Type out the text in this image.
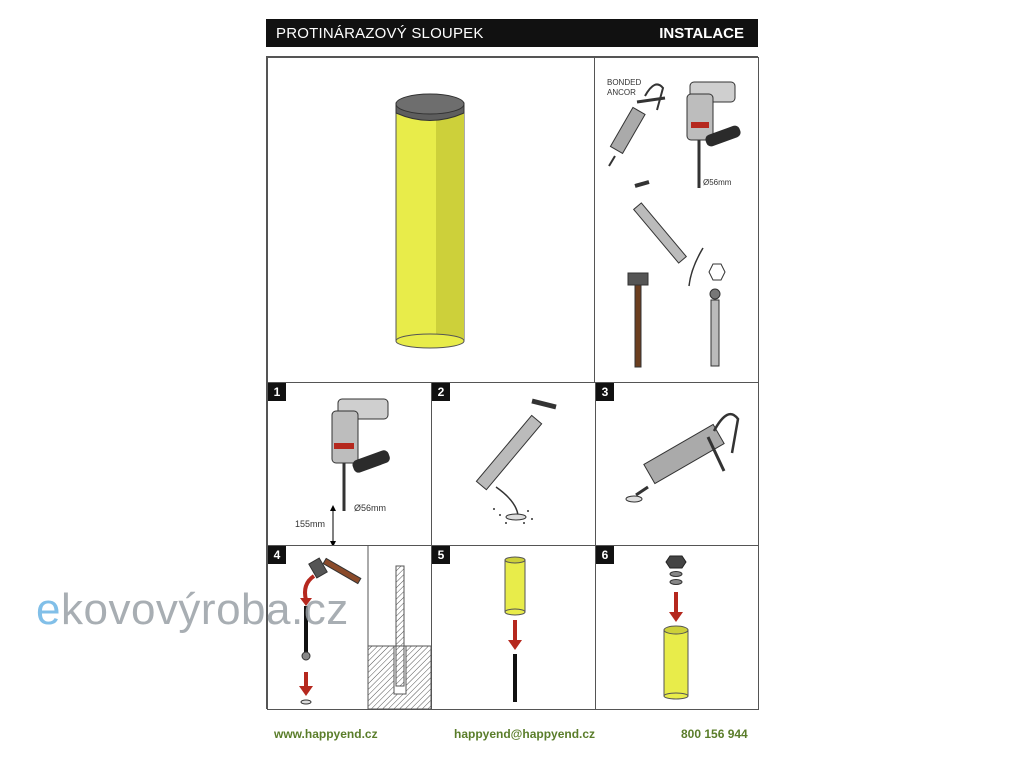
PROTINÁRAZOVÝ SLOUPEK	INSTALACE
BONDED
ANCOR
Ø56mm
1
Ø56mm
155mm
2	3
4	5	6
ekovovýroba.cz
www.happyend.cz	happyend@happyend.cz	800 156 944
